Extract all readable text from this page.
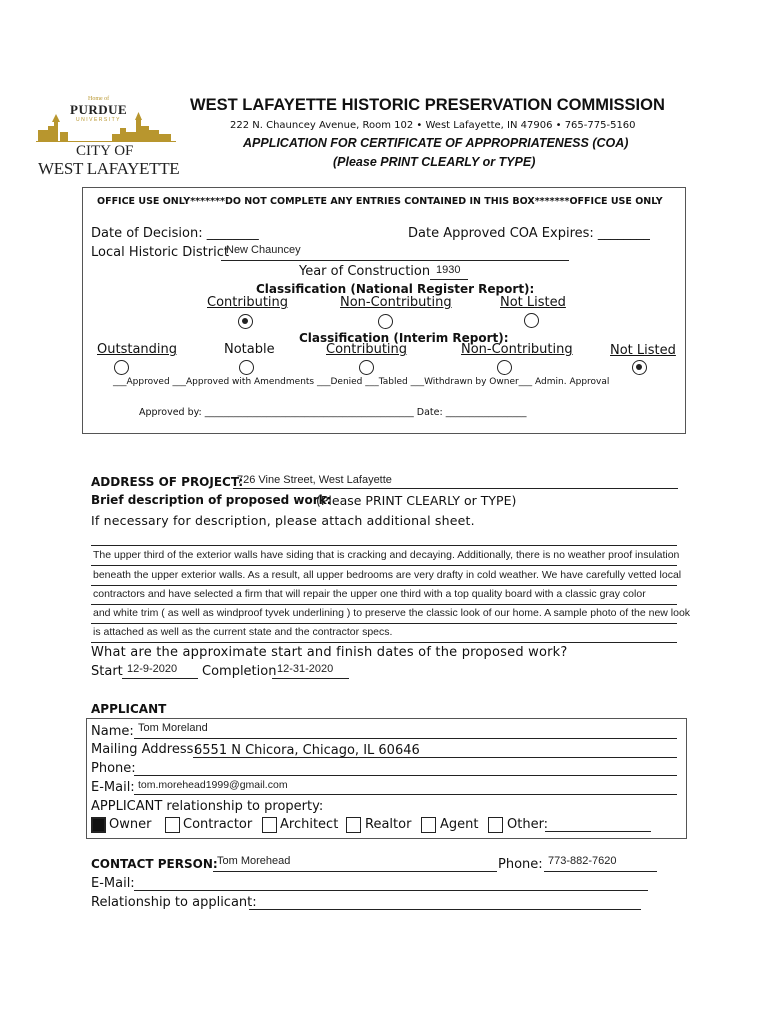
Home of
PURDUE
UNIVERSITY
CITY OF
WEST LAFAYETTE
WEST LAFAYETTE HISTORIC PRESERVATION COMMISSION
222 N. Chauncey Avenue, Room 102 • West Lafayette, IN 47906 • 765-775-5160
APPLICATION FOR CERTIFICATE OF APPROPRIATENESS (COA)
(Please PRINT CLEARLY or TYPE)
OFFICE USE ONLY*******DO NOT COMPLETE ANY ENTRIES CONTAINED IN THIS BOX*******OFFICE USE ONLY
Date of Decision: ________	Date Approved COA Expires: ________
Local Historic District
New Chauncey
Year of Construction 1930
Classification (National Register Report):
Contributing	Non-Contributing	Not Listed
Classification (Interim Report):
Outstanding	Notable	Contributing	Non-Contributing	Not Listed
___Approved ___Approved with Amendments ___Denied ___Tabled ___Withdrawn by Owner___ Admin. Approval
Approved by: ____________________________________________ Date: _________________
ADDRESS OF PROJECT:
726 Vine Street, West Lafayette
Brief description of proposed work:
(Please PRINT CLEARLY or TYPE)
If necessary for description, please attach additional sheet.
The upper third of the exterior walls have siding that is cracking and decaying. Additionally, there is no weather proof insulation
beneath the upper exterior walls. As a result, all upper bedrooms are very drafty in cold weather. We have carefully vetted local
contractors and have selected a firm that will repair the upper one third with a top quality board with a classic gray color
and white trim ( as well as windproof tyvek underlining ) to preserve the classic look of our home. A sample photo of the new look
is attached as well as the current state and the contractor specs.
What are the approximate start and finish dates of the proposed work?
Start 12-9-2020 Completion 12-31-2020
APPLICANT
Name: Tom Moreland
Mailing Address:
6551 N Chicora, Chicago, IL 60646
Phone:
E-Mail: tom.morehead1999@gmail.com
APPLICANT relationship to property:
Owner Contractor Architect Realtor Agent Other:
CONTACT PERSON: Tom Morehead	Phone: 773-882-7620
E-Mail:
Relationship to applicant:
